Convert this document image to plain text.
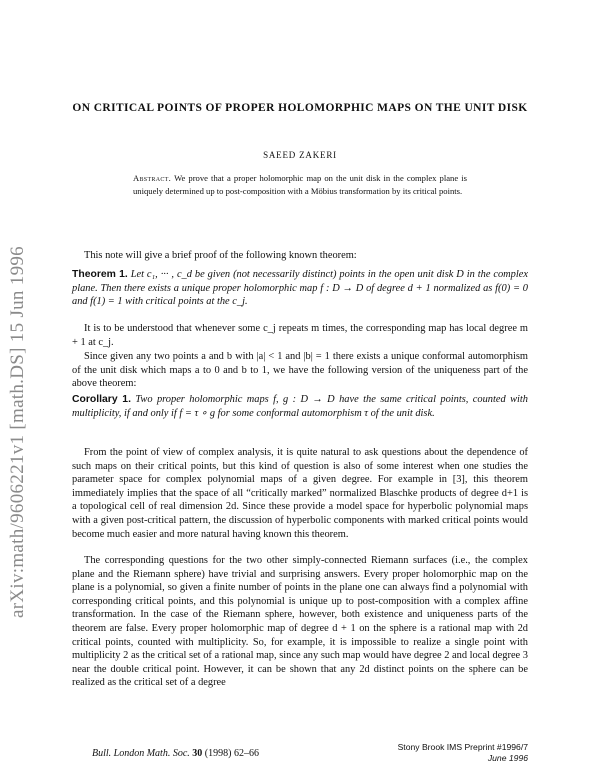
arXiv:math/9606221v1 [math.DS] 15 Jun 1996
ON CRITICAL POINTS OF PROPER HOLOMORPHIC MAPS ON THE UNIT DISK
SAEED ZAKERI
Abstract. We prove that a proper holomorphic map on the unit disk in the complex plane is uniquely determined up to post-composition with a Möbius transformation by its critical points.

This note will give a brief proof of the following known theorem:

Theorem 1. Let c₁, ··· , c_d be given (not necessarily distinct) points in the open unit disk D in the complex plane. Then there exists a unique proper holomorphic map f : D → D of degree d + 1 normalized as f(0) = 0 and f(1) = 1 with critical points at the c_j.

It is to be understood that whenever some c_j repeats m times, the corresponding map has local degree m + 1 at c_j.

Since given any two points a and b with |a| < 1 and |b| = 1 there exists a unique conformal automorphism of the unit disk which maps a to 0 and b to 1, we have the following version of the uniqueness part of the above theorem:

Corollary 1. Two proper holomorphic maps f, g : D → D have the same critical points, counted with multiplicity, if and only if f = τ ∘ g for some conformal automorphism τ of the unit disk.

From the point of view of complex analysis, it is quite natural to ask questions about the dependence of such maps on their critical points, but this kind of question is also of some interest when one studies the parameter space for complex polynomial maps of a given degree. For example in [3], this theorem immediately implies that the space of all “critically marked” normalized Blaschke products of degree d+1 is a topological cell of real dimension 2d. Since these provide a model space for hyperbolic polynomial maps with a given post-critical pattern, the discussion of hyperbolic components with marked critical points would become much easier and more natural having known this theorem.

The corresponding questions for the two other simply-connected Riemann surfaces (i.e., the complex plane and the Riemann sphere) have trivial and surprising answers. Every proper holomorphic map on the plane is a polynomial, so given a finite number of points in the plane one can always find a polynomial with corresponding critical points, and this polynomial is unique up to post-composition with a complex affine transformation. In the case of the Riemann sphere, however, both existence and uniqueness parts of the theorem are false. Every proper holomorphic map of degree d + 1 on the sphere is a rational map with 2d critical points, counted with multiplicity. So, for example, it is impossible to realize a single point with multiplicity 2 as the critical set of a rational map, since any such map would have degree 2 and local degree 3 near the double critical point. However, it can be shown that any 2d distinct points on the sphere can be realized as the critical set of a degree

Bull. London Math. Soc. 30 (1998) 62–66
Stony Brook IMS Preprint #1996/7
June 1996
